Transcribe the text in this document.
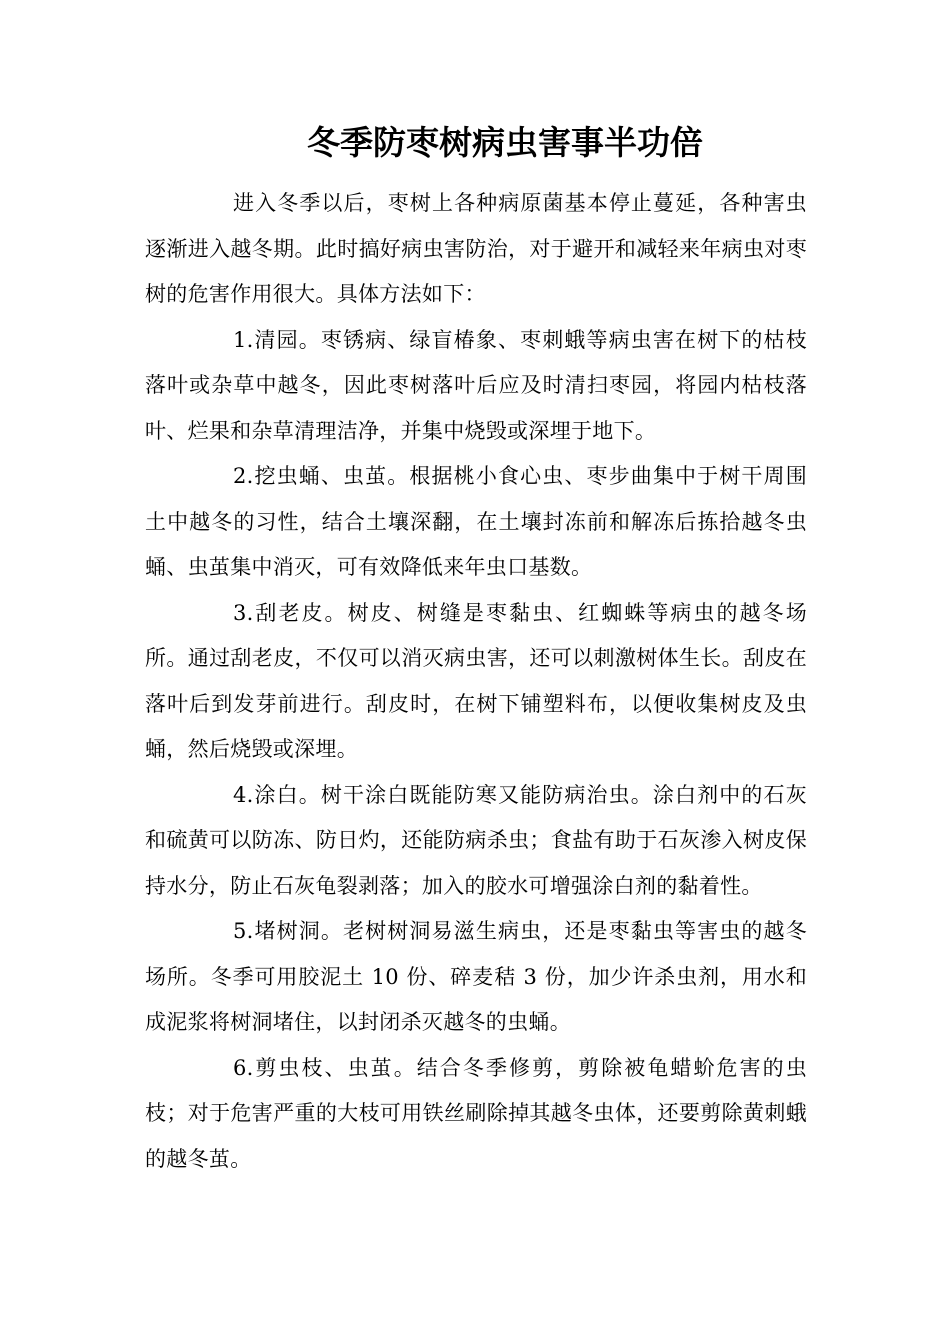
冬季防枣树病虫害事半功倍

进入冬季以后，枣树上各种病原菌基本停止蔓延，各种害虫逐渐进入越冬期。此时搞好病虫害防治，对于避开和减轻来年病虫对枣树的危害作用很大。具体方法如下：

1.清园。枣锈病、绿盲椿象、枣刺蛾等病虫害在树下的枯枝落叶或杂草中越冬，因此枣树落叶后应及时清扫枣园，将园内枯枝落叶、烂果和杂草清理洁净，并集中烧毁或深埋于地下。

2.挖虫蛹、虫茧。根据桃小食心虫、枣步曲集中于树干周围土中越冬的习性，结合土壤深翻，在土壤封冻前和解冻后拣拾越冬虫蛹、虫茧集中消灭，可有效降低来年虫口基数。

3.刮老皮。树皮、树缝是枣黏虫、红蜘蛛等病虫的越冬场所。通过刮老皮，不仅可以消灭病虫害，还可以刺激树体生长。刮皮在落叶后到发芽前进行。刮皮时，在树下铺塑料布，以便收集树皮及虫蛹，然后烧毁或深埋。

4.涂白。树干涂白既能防寒又能防病治虫。涂白剂中的石灰和硫黄可以防冻、防日灼，还能防病杀虫；食盐有助于石灰渗入树皮保持水分，防止石灰龟裂剥落；加入的胶水可增强涂白剂的黏着性。

5.堵树洞。老树树洞易滋生病虫，还是枣黏虫等害虫的越冬场所。冬季可用胶泥土 10 份、碎麦秸 3 份，加少许杀虫剂，用水和成泥浆将树洞堵住，以封闭杀灭越冬的虫蛹。

6.剪虫枝、虫茧。结合冬季修剪，剪除被龟蜡蚧危害的虫枝；对于危害严重的大枝可用铁丝刷除掉其越冬虫体，还要剪除黄刺蛾的越冬茧。
